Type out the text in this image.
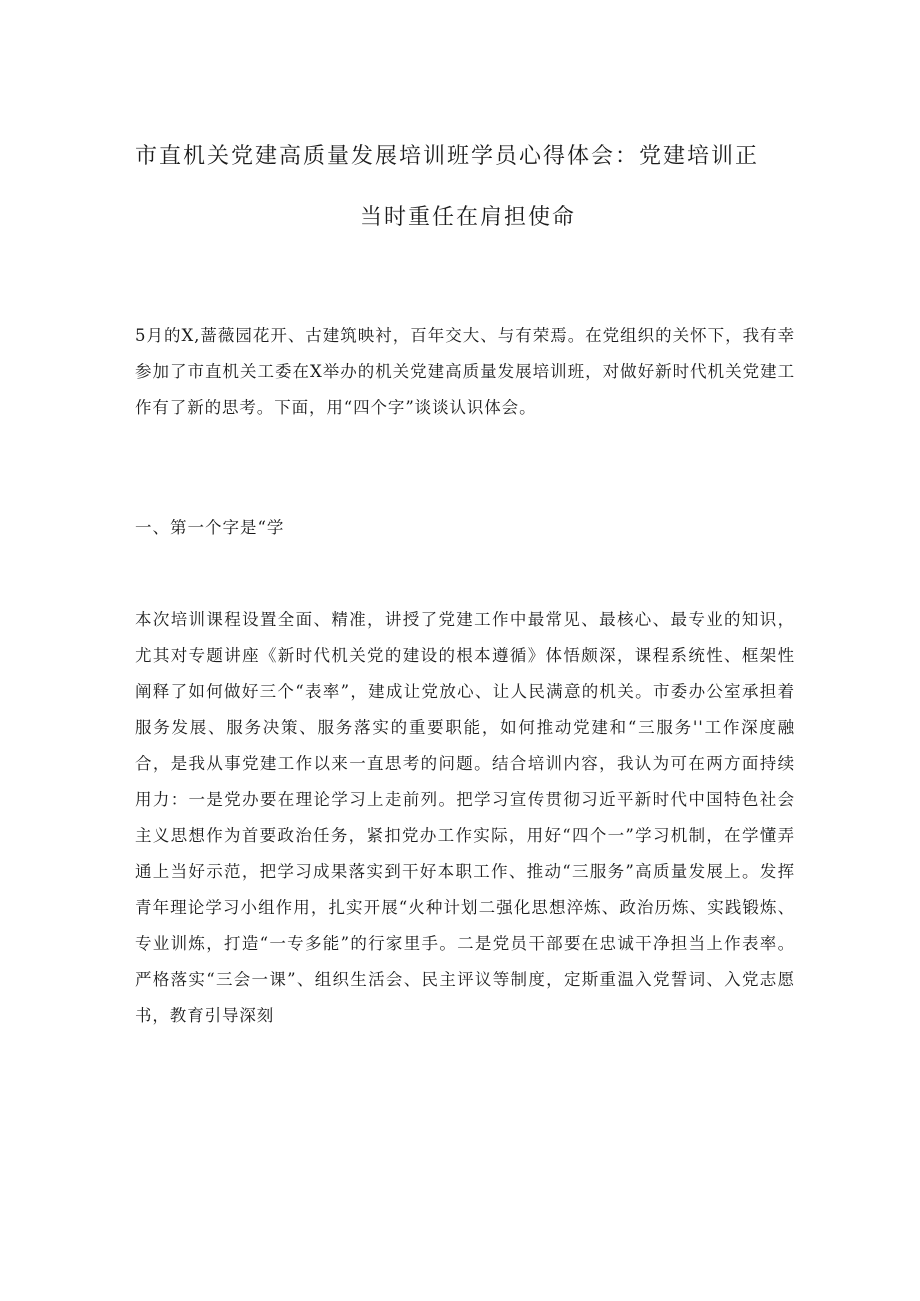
市直机关党建高质量发展培训班学员心得体会：党建培训正
当时重任在肩担使命
5月的X,蔷薇园花开、古建筑映衬，百年交大、与有荣焉。在党组织的关怀下，我有幸参加了市直机关工委在X举办的机关党建高质量发展培训班，对做好新时代机关党建工作有了新的思考。下面，用“四个字”谈谈认识体会。
一、第一个字是“学
本次培训课程设置全面、精准，讲授了党建工作中最常见、最核心、最专业的知识，尤其对专题讲座《新时代机关党的建设的根本遵循》体悟颇深，课程系统性、框架性阐释了如何做好三个“表率”，建成让党放心、让人民满意的机关。市委办公室承担着服务发展、服务决策、服务落实的重要职能，如何推动党建和“三服务''工作深度融合，是我从事党建工作以来一直思考的问题。结合培训内容，我认为可在两方面持续用力：一是党办要在理论学习上走前列。把学习宣传贯彻习近平新时代中国特色社会主义思想作为首要政治任务，紧扣党办工作实际，用好“四个一”学习机制，在学懂弄通上当好示范，把学习成果落实到干好本职工作、推动“三服务”高质量发展上。发挥青年理论学习小组作用，扎实开展“火种计划二强化思想淬炼、政治历炼、实践锻炼、专业训炼，打造“一专多能”的行家里手。二是党员干部要在忠诚干净担当上作表率。严格落实“三会一课”、组织生活会、民主评议等制度，定斯重温入党誓词、入党志愿书，教育引导深刻
